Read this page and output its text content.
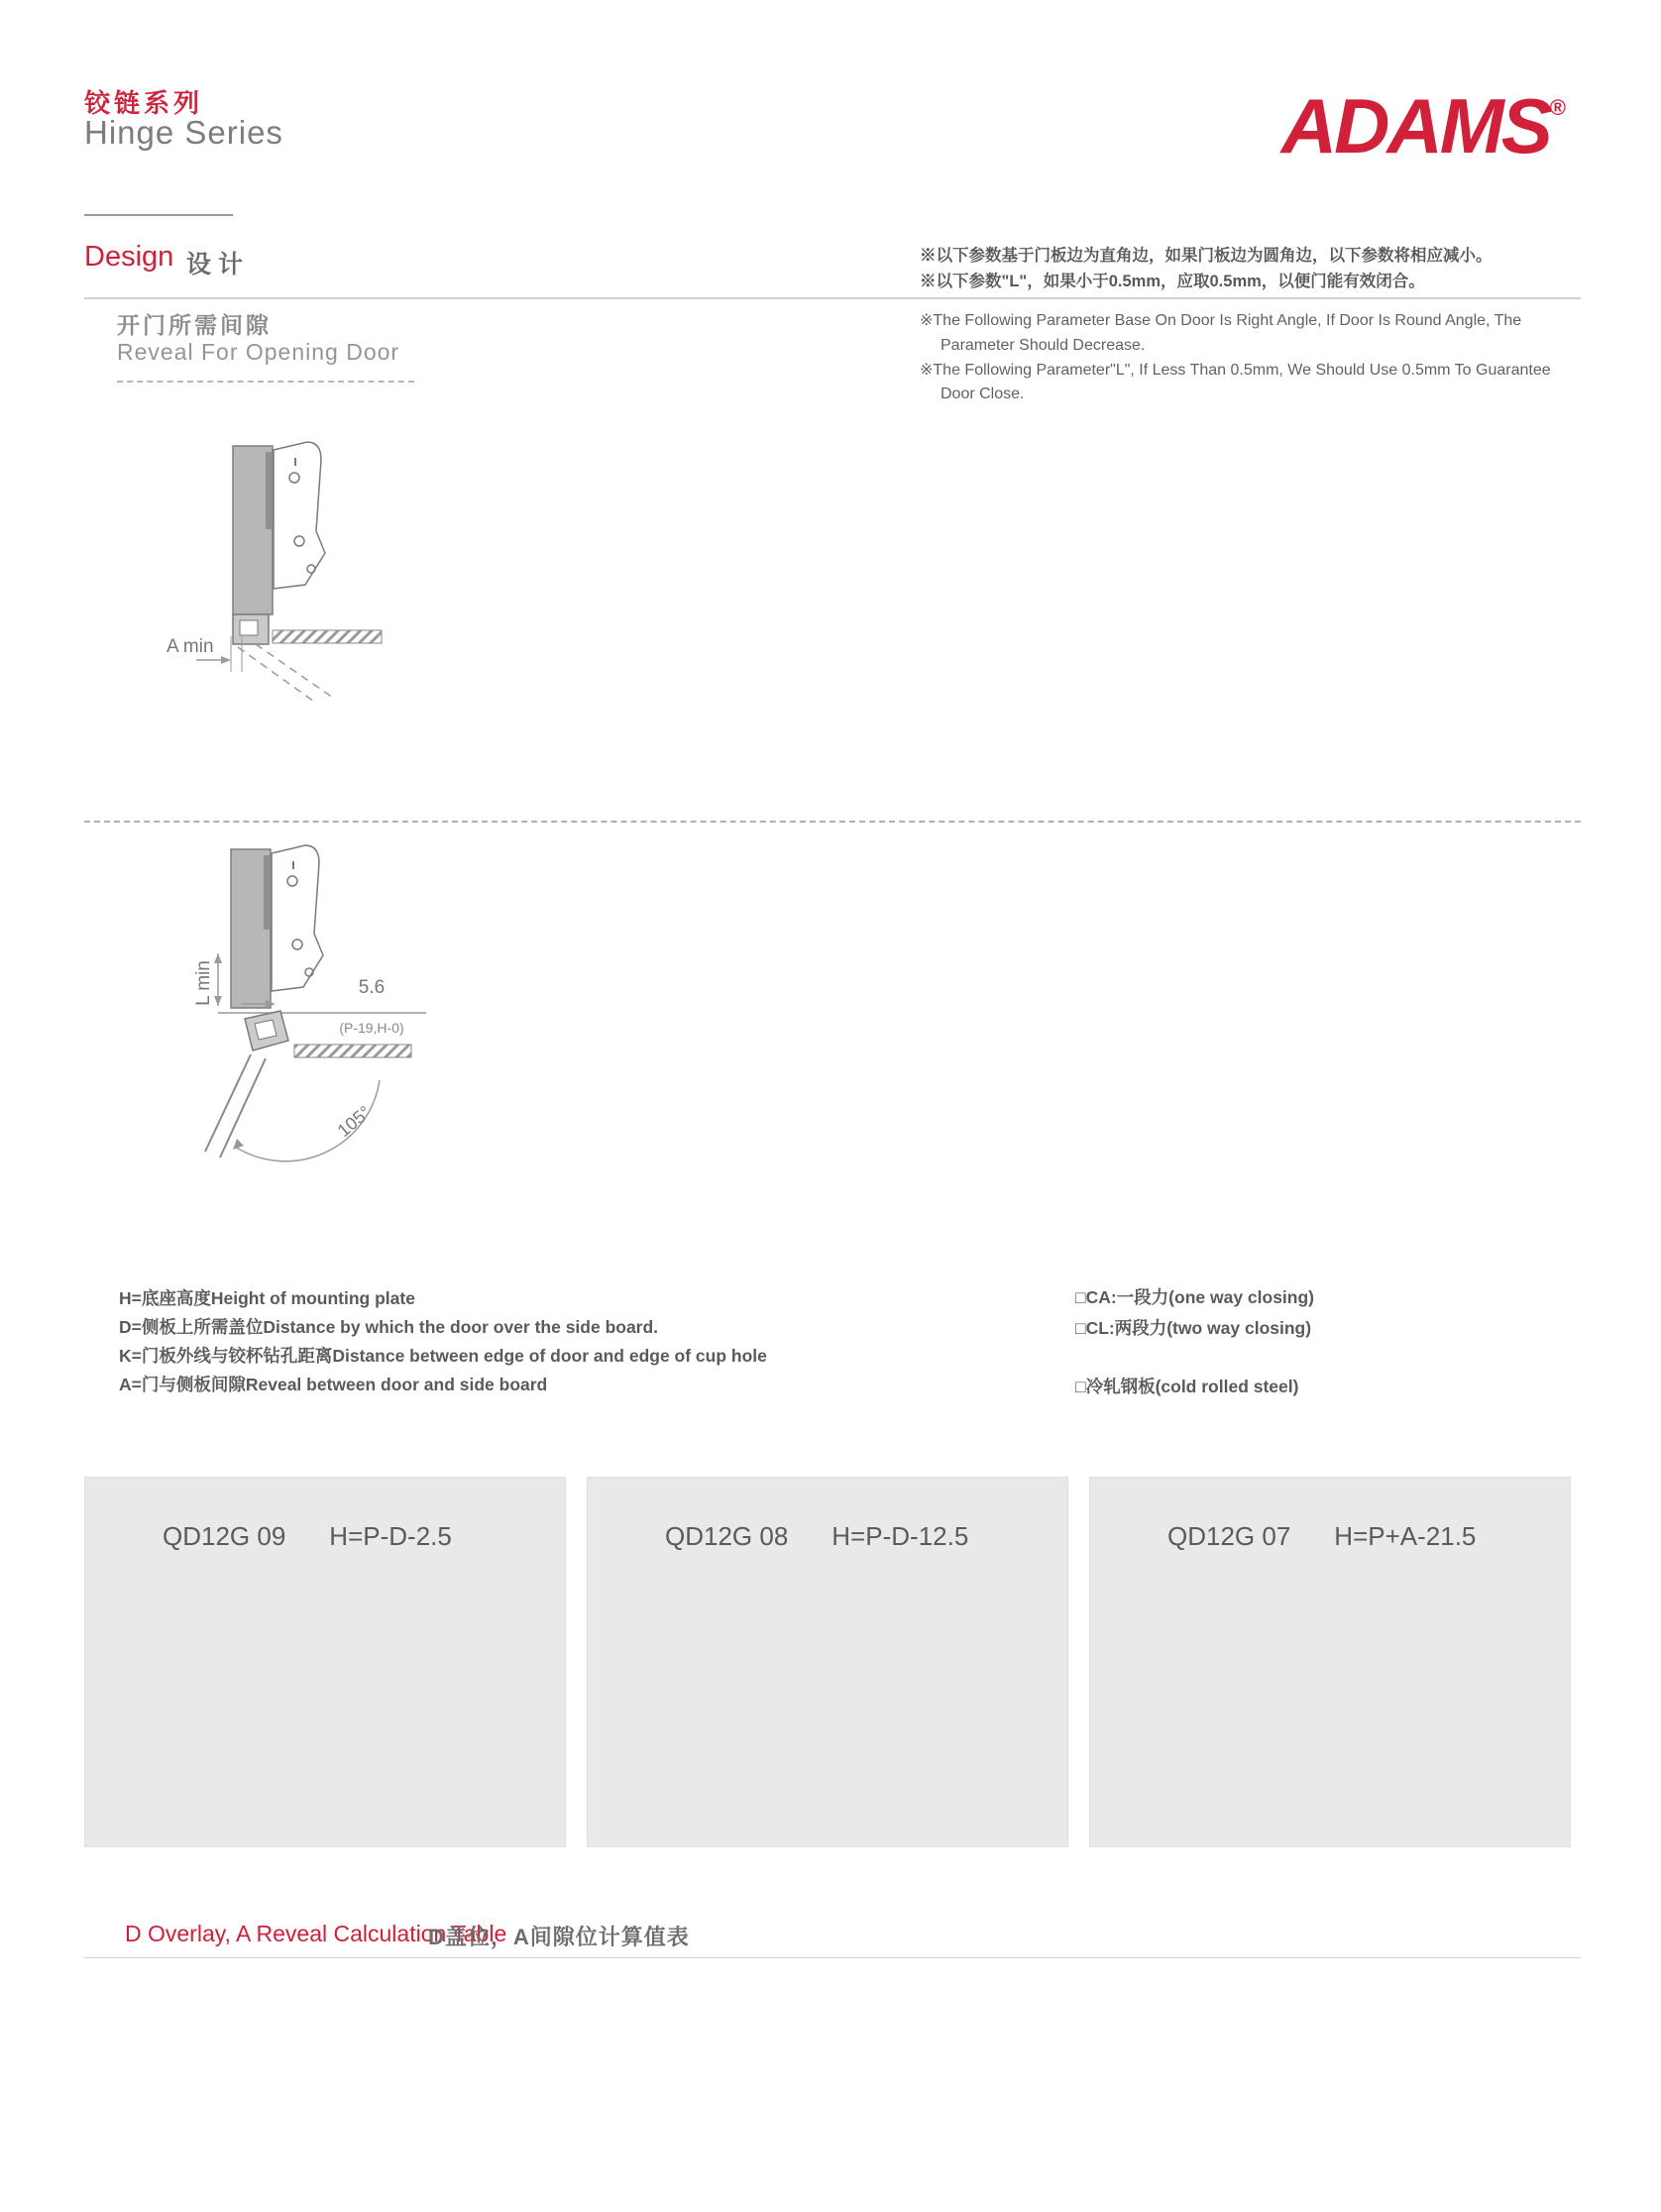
铰链系列
Hinge Series	ADAMS®
Design 设计	※以下参数基于门板边为直角边，如果门板边为圆角边，以下参数将相应减小。
※以下参数"L"，如果小于0.5mm，应取0.5mm，以便门能有效闭合。
※The Following Parameter Base On Door Is Right Angle, If Door Is Round Angle, The Parameter Should Decrease.
※The Following Parameter"L", If Less Than 0.5mm, We Should Use 0.5mm To Guarantee Door Close.
开门所需间隙
Reveal For Opening Door
A min
L min	5.6
(P-19,H-0)
105°
H=底座高度Height of mounting plate
D=侧板上所需盖位Distance by which the door over the side board.
K=门板外线与铰杯钻孔距离Distance between edge of door and edge of cup hole
A=门与侧板间隙Reveal between door and side board
□CA:一段力(one way closing)
□CL:两段力(two way closing)
□冷轧钢板(cold rolled steel)
QD12G 09 H=P-D-2.5	QD12G 08 H=P-D-12.5	QD12G 07 H=P+A-21.5
D Overlay, A Reveal Calculation Table
D盖位，A间隙位计算值表
